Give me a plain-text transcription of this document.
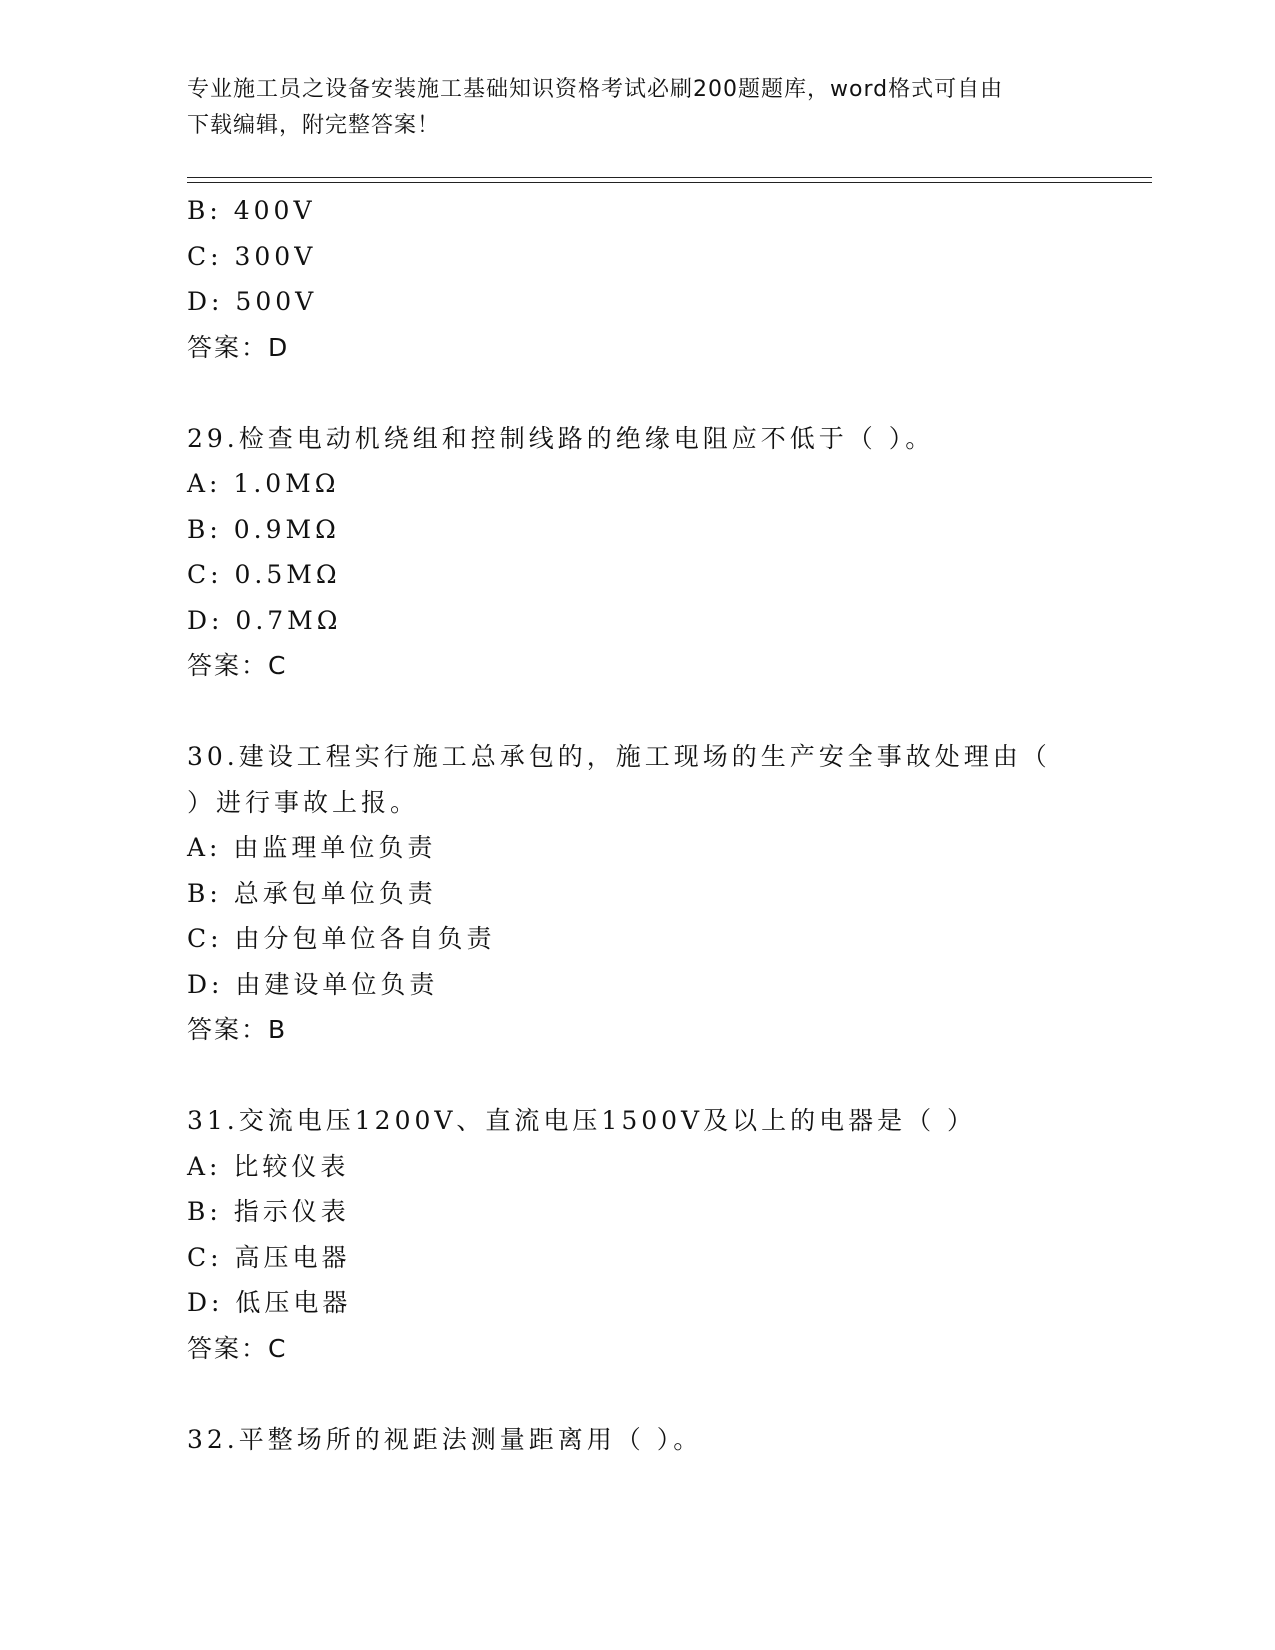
专业施工员之设备安装施工基础知识资格考试必刷200题题库，word格式可自由
下载编辑，附完整答案！
B: 400V
C: 300V
D: 500V
答案：D
29.检查电动机绕组和控制线路的绝缘电阻应不低于（ ）。
A: 1.0MΩ
B: 0.9MΩ
C: 0.5MΩ
D: 0.7MΩ
答案：C
30.建设工程实行施工总承包的，施工现场的生产安全事故处理由（
）进行事故上报。
A: 由监理单位负责
B: 总承包单位负责
C: 由分包单位各自负责
D: 由建设单位负责
答案：B
31.交流电压1200V、直流电压1500V及以上的电器是（ ）
A: 比较仪表
B: 指示仪表
C: 高压电器
D: 低压电器
答案：C
32.平整场所的视距法测量距离用（ ）。
